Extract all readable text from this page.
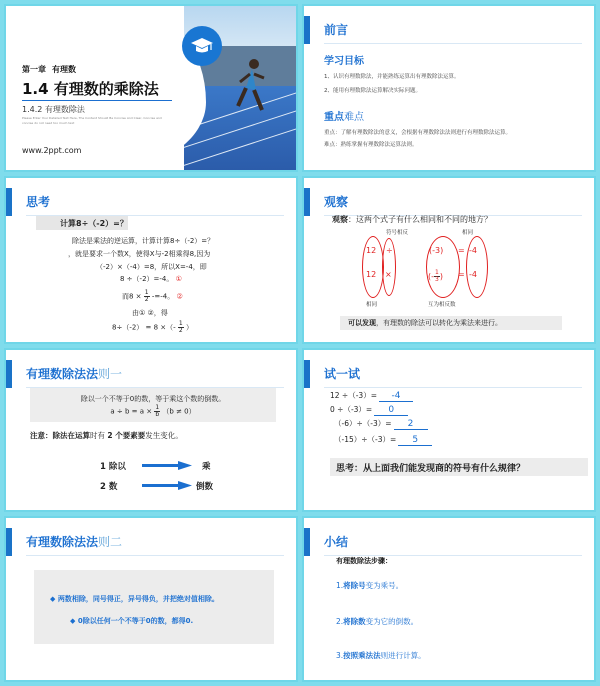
第一章 有理数
1.4 有理数的乘除法
1.4.2 有理数除法
Please Enter Your Detailed Text Here, The Content Should Be Concise And Clear, Concise and concise do not need too much text
www.2ppt.com
前言
学习目标
1、认识有理数除法，并能熟练运算出有理数除法运算。
2、能用有理数除法运算解决实际问题。
重点难点
重点：了解有理数除法的意义，会根据有理数除法法则进行有理数除法运算。
难点：熟练掌握有理数除法运算法则。
思考
计算8÷（-2）=？
除法是乘法的逆运算，计算计算8÷（-2）=？
，就是要求一个数X，使得X与-2相乘得8,因为
（-2）×（-4）=8，所以X=-4，即
8 ÷（-2）=-4。 ①
而$8 \times \frac{1}{2} -=-4$。 ②
由① ②，得
8÷（-2） = 8 ×（- $\frac{1}{2}$ ）
观察
观察：这两个式子有什么相同和不同的地方？
符号相反	相同
12 ÷	(-3) = -4
12 ×	(- $\frac{1}{3}$ ) = -4
相同	互为相反数
可以发现，有理数的除法可以转化为乘法来进行。
有理数除法法则一
除以一个不等于0的数，等于乘这个数的倒数。
$a \div b = a \times \frac{1}{b} (b \ne 0)$
注意：除法在运算时有 2 个要素要发生变化。
1 除以	乘
2 数	倒数
试一试
12 ÷（-3）= -4
0 ÷（-3）= 0
（-6）÷（-3）= 2
（-15）÷（-3）= 5
思考：从上面我们能发现商的符号有什么规律？
有理数除法法则二
◆ 两数相除，同号得正，异号得负，并把绝对值相除。
◆ 0除以任何一个不等于0的数，都得0.
小结
有理数除法步骤：
1.将除号变为乘号。
2.将除数变为它的倒数。
3.按照乘法法则进行计算。
